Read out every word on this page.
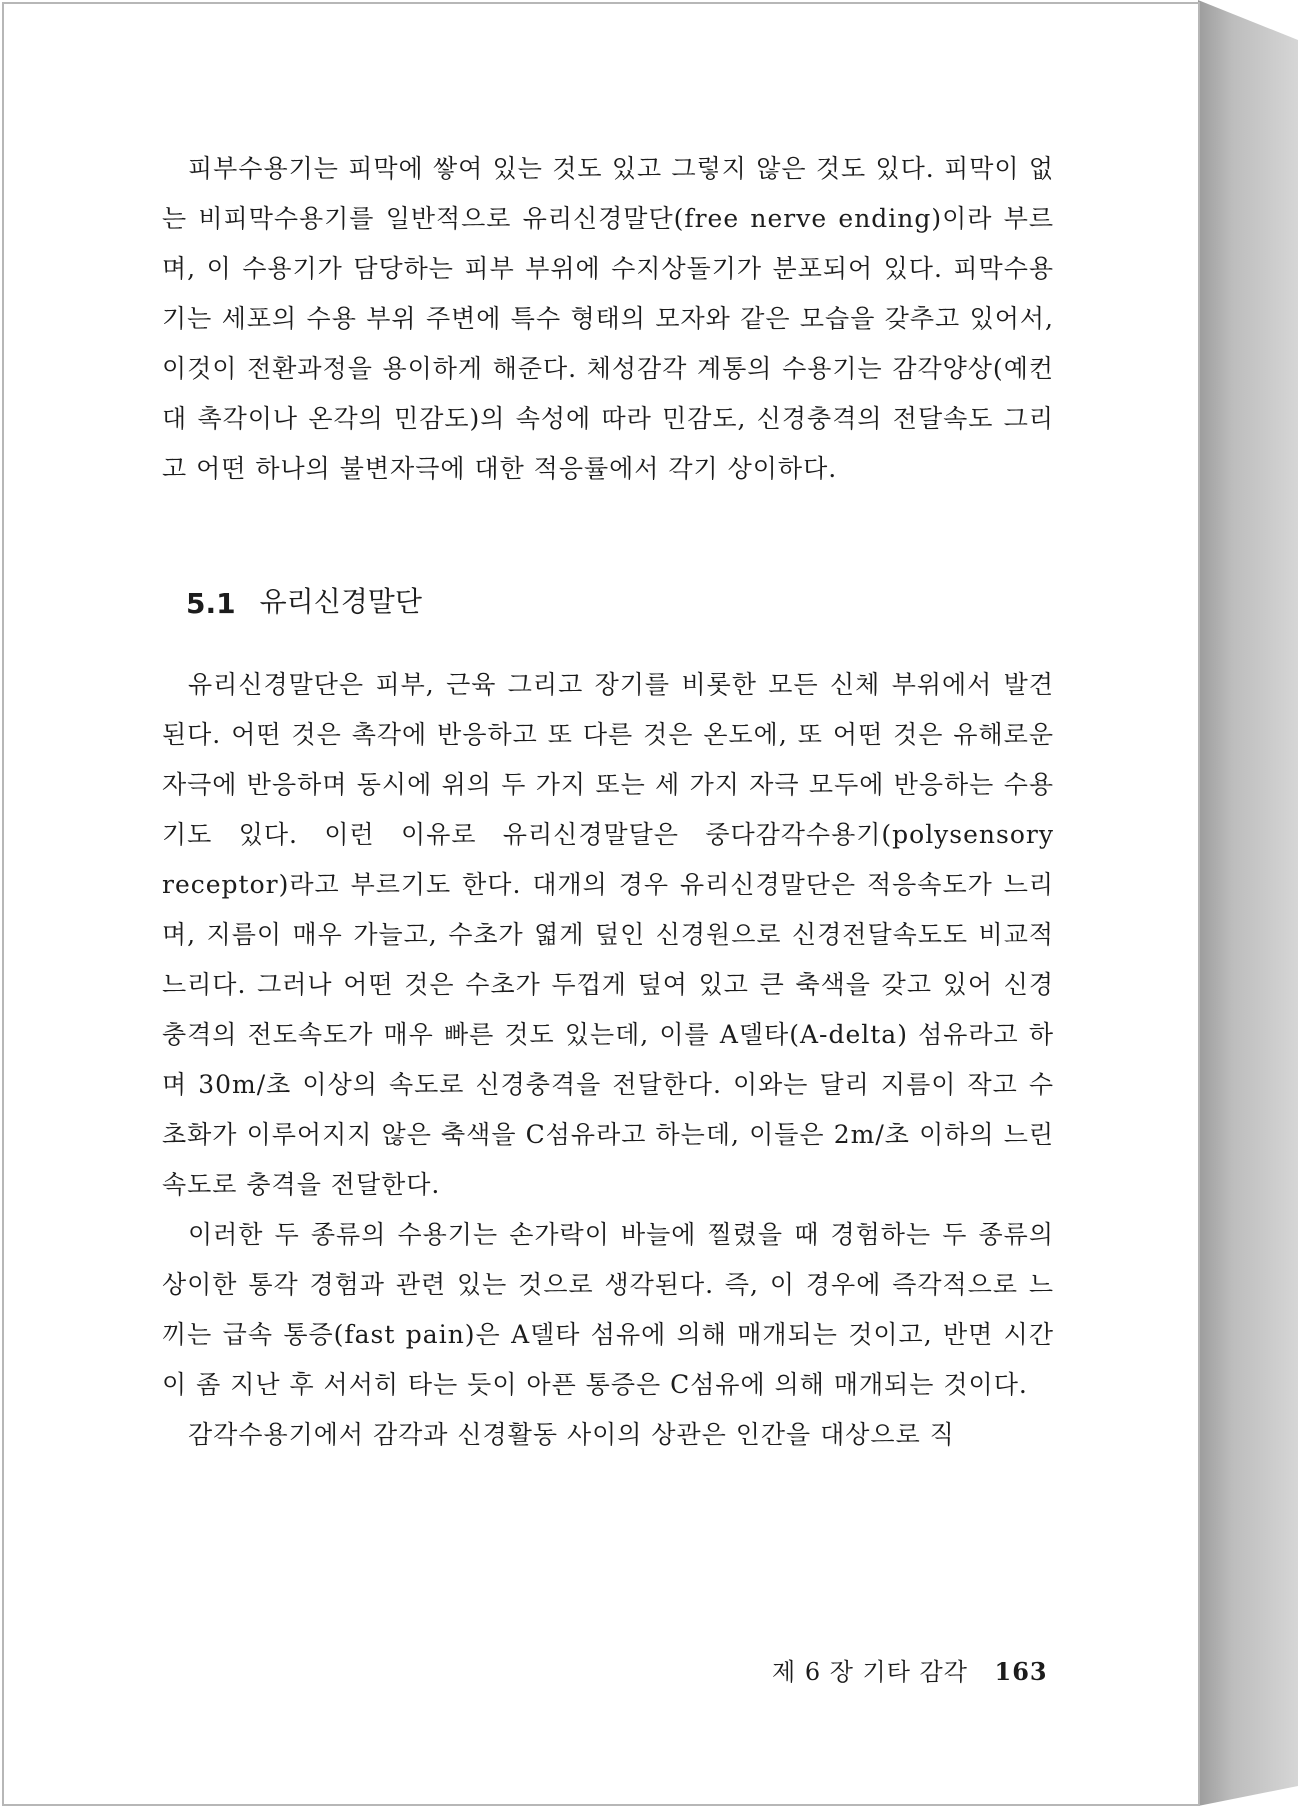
피부수용기는 피막에 쌓여 있는 것도 있고 그렇지 않은 것도 있다. 피막이 없는 비피막수용기를 일반적으로 유리신경말단(free nerve ending)이라 부르며, 이 수용기가 담당하는 피부 부위에 수지상돌기가 분포되어 있다. 피막수용기는 세포의 수용 부위 주변에 특수 형태의 모자와 같은 모습을 갖추고 있어서, 이것이 전환과정을 용이하게 해준다. 체성감각 계통의 수용기는 감각양상(예컨대 촉각이나 온각의 민감도)의 속성에 따라 민감도, 신경충격의 전달속도 그리고 어떤 하나의 불변자극에 대한 적응률에서 각기 상이하다.

5.1 유리신경말단

유리신경말단은 피부, 근육 그리고 장기를 비롯한 모든 신체 부위에서 발견된다. 어떤 것은 촉각에 반응하고 또 다른 것은 온도에, 또 어떤 것은 유해로운 자극에 반응하며 동시에 위의 두 가지 또는 세 가지 자극 모두에 반응하는 수용기도 있다. 이런 이유로 유리신경말달은 중다감각수용기(polysensory receptor)라고 부르기도 한다. 대개의 경우 유리신경말단은 적응속도가 느리며, 지름이 매우 가늘고, 수초가 엷게 덮인 신경원으로 신경전달속도도 비교적 느리다. 그러나 어떤 것은 수초가 두껍게 덮여 있고 큰 축색을 갖고 있어 신경충격의 전도속도가 매우 빠른 것도 있는데, 이를 A델타(A-delta) 섬유라고 하며 30m/초 이상의 속도로 신경충격을 전달한다. 이와는 달리 지름이 작고 수초화가 이루어지지 않은 축색을 C섬유라고 하는데, 이들은 2m/초 이하의 느린 속도로 충격을 전달한다.

이러한 두 종류의 수용기는 손가락이 바늘에 찔렸을 때 경험하는 두 종류의 상이한 통각 경험과 관련 있는 것으로 생각된다. 즉, 이 경우에 즉각적으로 느끼는 급속 통증(fast pain)은 A델타 섬유에 의해 매개되는 것이고, 반면 시간이 좀 지난 후 서서히 타는 듯이 아픈 통증은 C섬유에 의해 매개되는 것이다.

감각수용기에서 감각과 신경활동 사이의 상관은 인간을 대상으로 직

제 6 장 기타 감각 163
